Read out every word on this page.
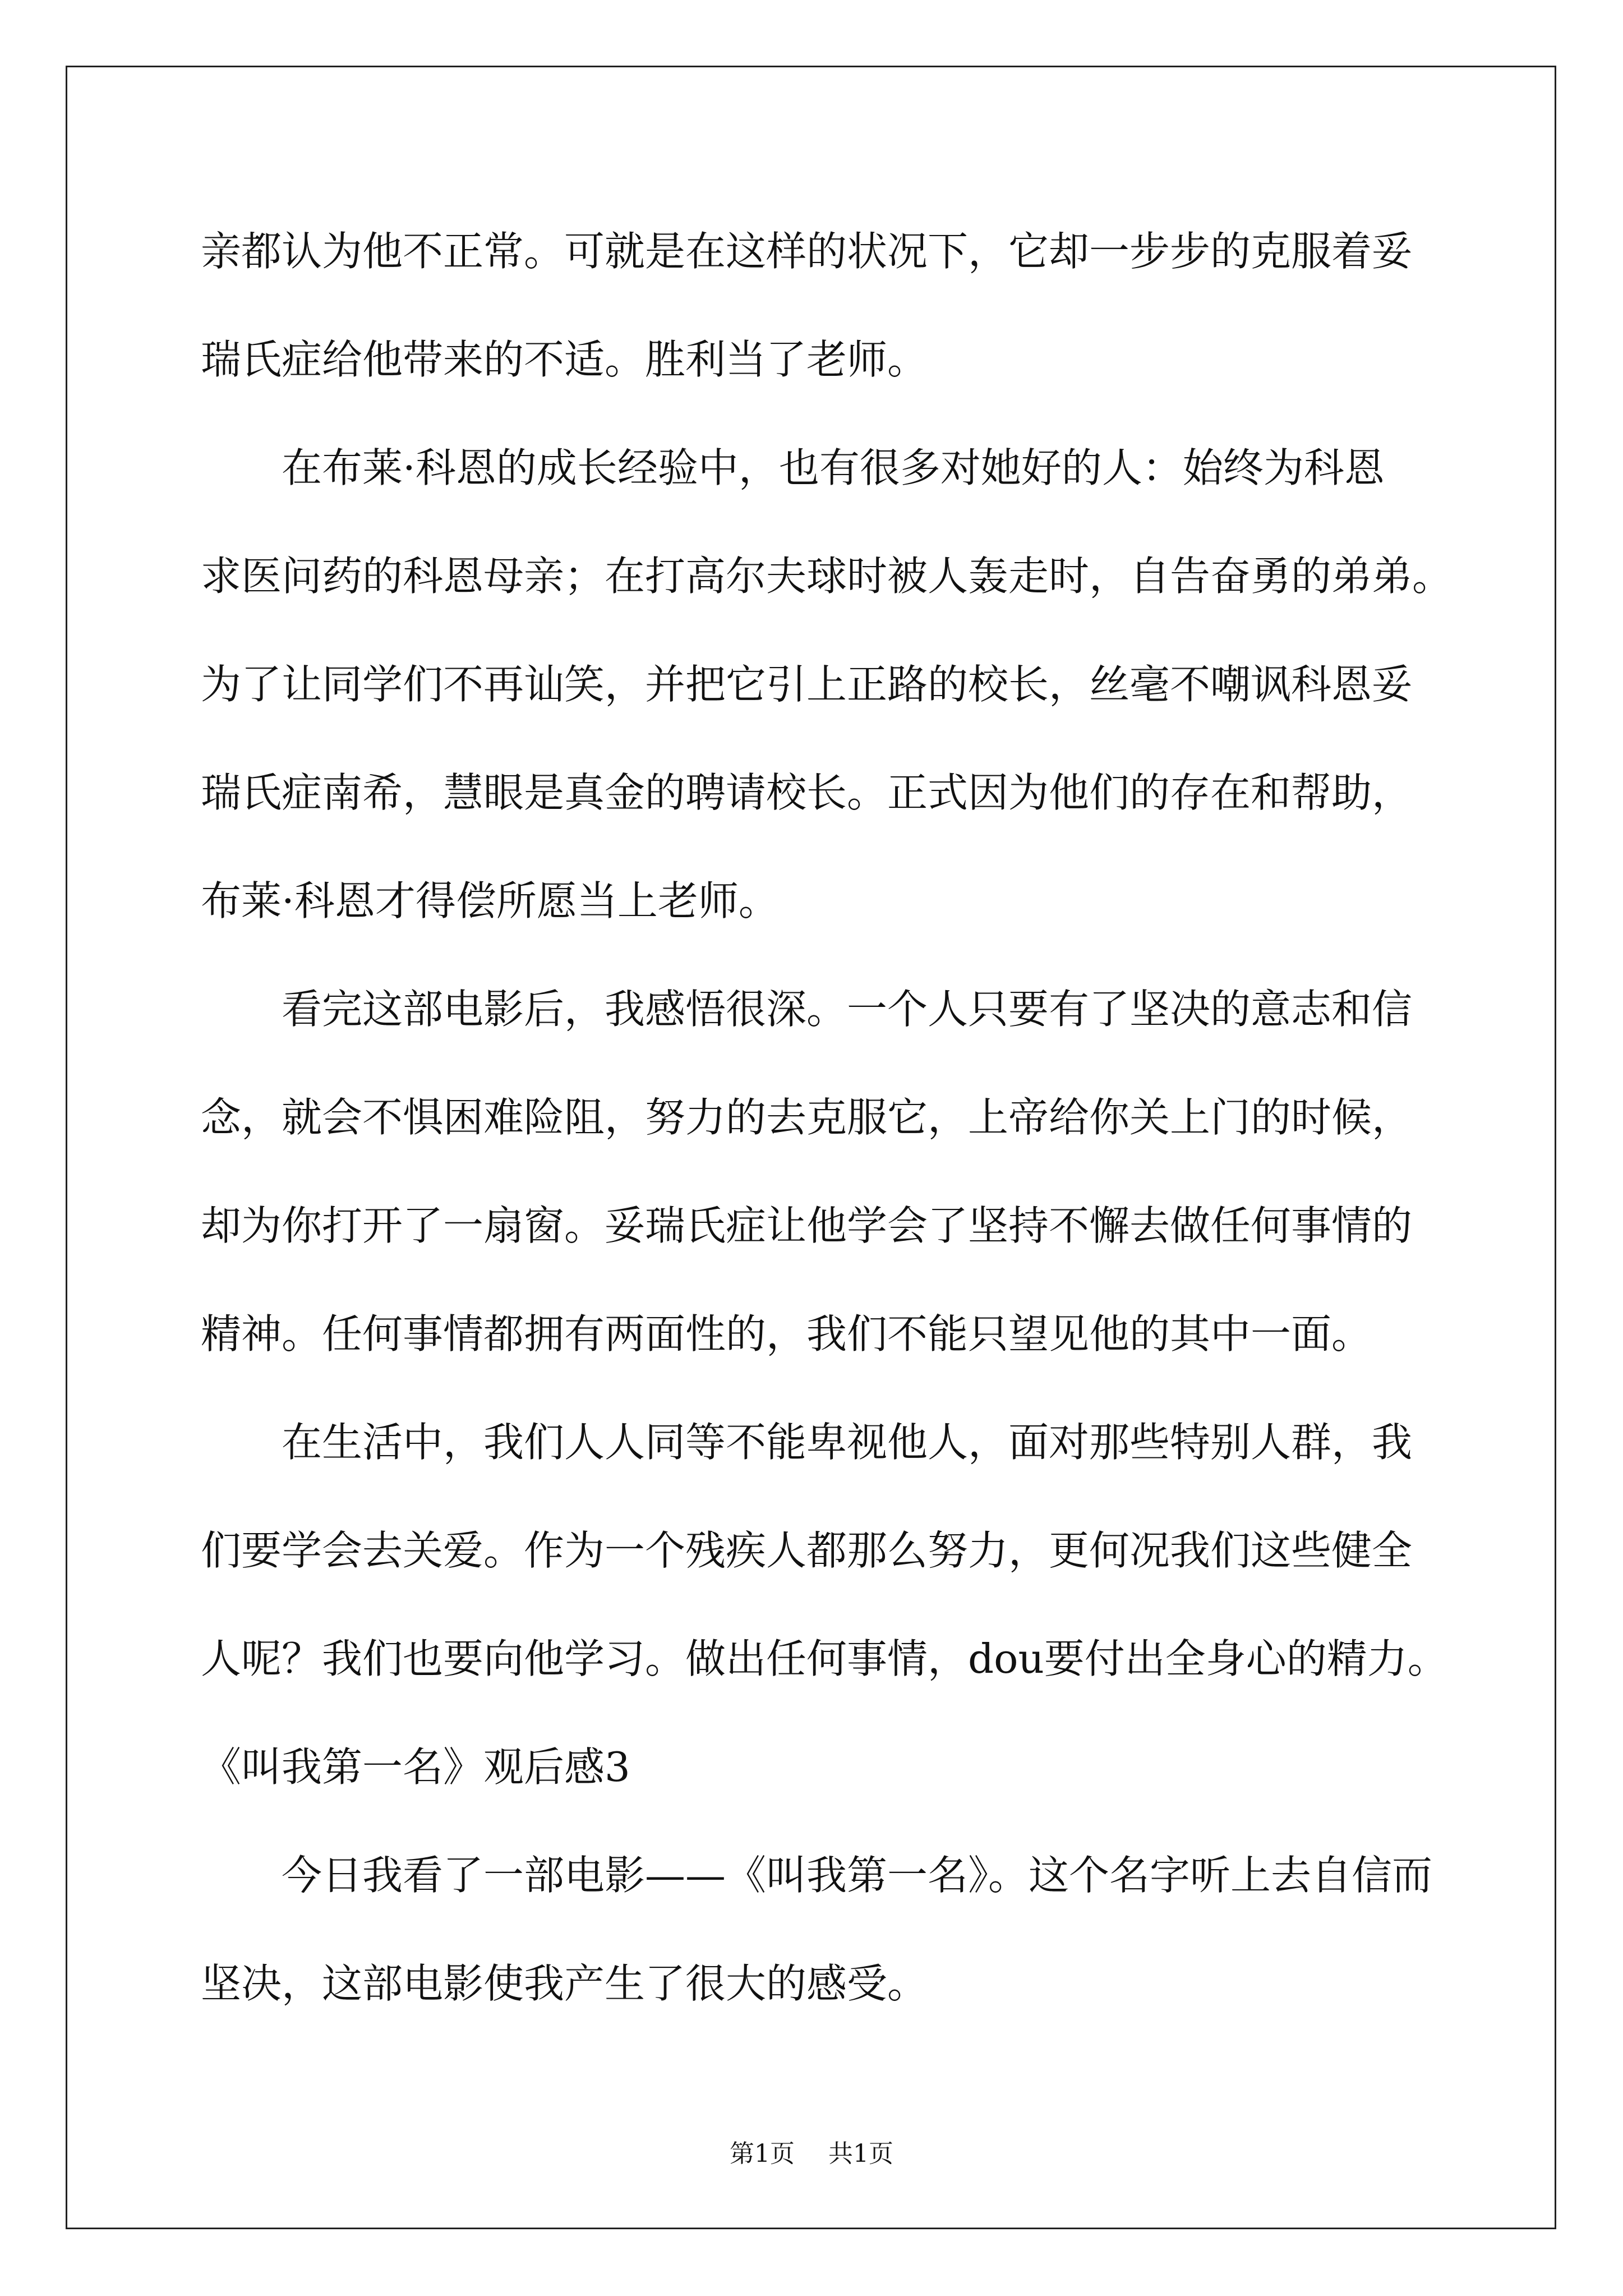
亲都认为他不正常。可就是在这样的状况下，它却一步步的克服着妥
瑞氏症给他带来的不适。胜利当了老师。
在布莱·科恩的成长经验中，也有很多对她好的人：始终为科恩
求医问药的科恩母亲；在打高尔夫球时被人轰走时，自告奋勇的弟弟。
为了让同学们不再讪笑，并把它引上正路的校长，丝毫不嘲讽科恩妥
瑞氏症南希，慧眼是真金的聘请校长。正式因为他们的存在和帮助，
布莱·科恩才得偿所愿当上老师。
看完这部电影后，我感悟很深。一个人只要有了坚决的意志和信
念，就会不惧困难险阻，努力的去克服它，上帝给你关上门的时候，
却为你打开了一扇窗。妥瑞氏症让他学会了坚持不懈去做任何事情的
精神。任何事情都拥有两面性的，我们不能只望见他的其中一面。
在生活中，我们人人同等不能卑视他人，面对那些特别人群，我
们要学会去关爱。作为一个残疾人都那么努力，更何况我们这些健全
人呢？我们也要向他学习。做出任何事情，dou要付出全身心的精力。
《叫我第一名》观后感3
今日我看了一部电影——《叫我第一名》。这个名字听上去自信而
坚决，这部电影使我产生了很大的感受。
第1页 共1页
